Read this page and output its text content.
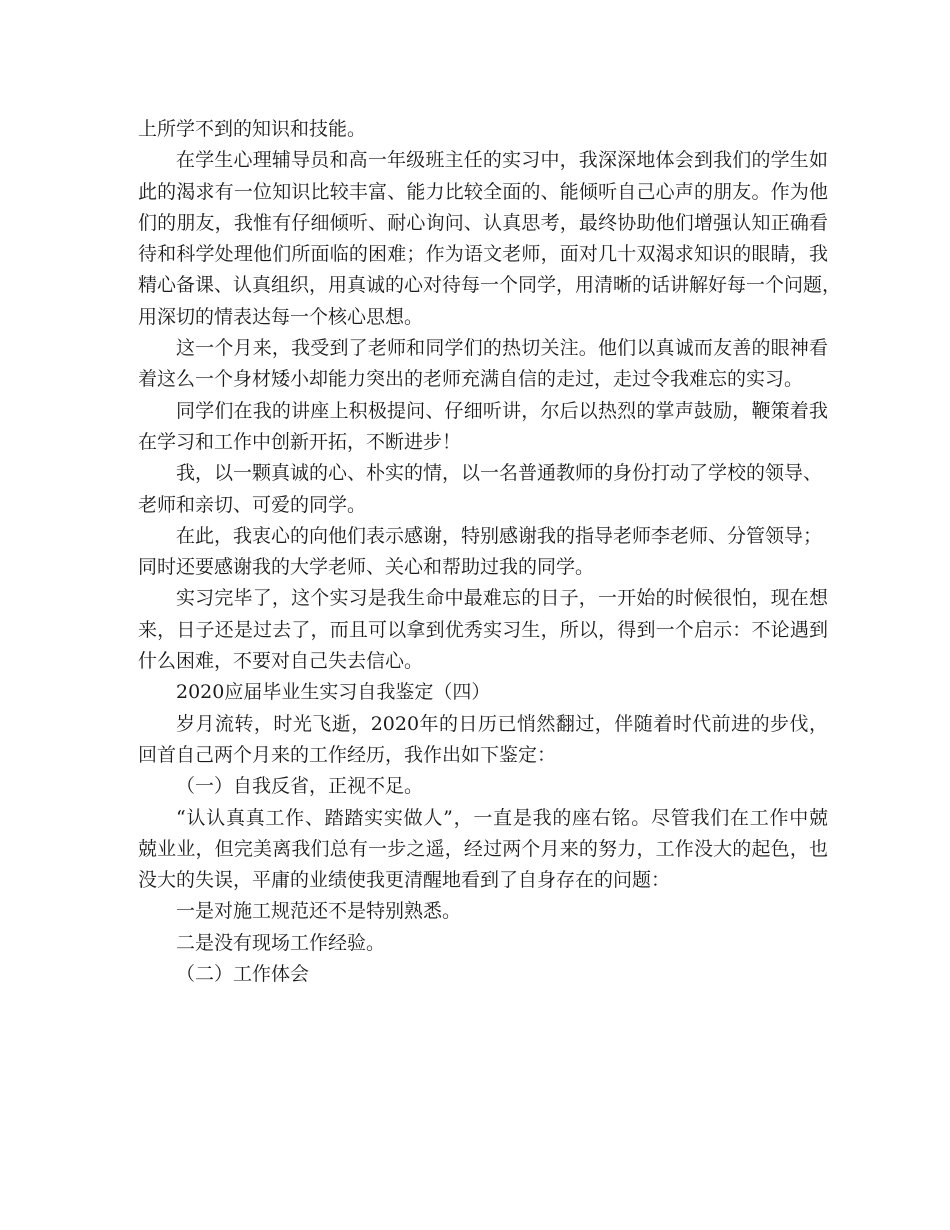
上所学不到的知识和技能。
在学生心理辅导员和高一年级班主任的实习中，我深深地体会到我们的学生如
此的渴求有一位知识比较丰富、能力比较全面的、能倾听自己心声的朋友。作为他
们的朋友，我惟有仔细倾听、耐心询问、认真思考，最终协助他们增强认知正确看
待和科学处理他们所面临的困难；作为语文老师，面对几十双渴求知识的眼睛，我
精心备课、认真组织，用真诚的心对待每一个同学，用清晰的话讲解好每一个问题，
用深切的情表达每一个核心思想。
这一个月来，我受到了老师和同学们的热切关注。他们以真诚而友善的眼神看
着这么一个身材矮小却能力突出的老师充满自信的走过，走过令我难忘的实习。
同学们在我的讲座上积极提问、仔细听讲，尔后以热烈的掌声鼓励，鞭策着我
在学习和工作中创新开拓，不断进步！
我，以一颗真诚的心、朴实的情，以一名普通教师的身份打动了学校的领导、
老师和亲切、可爱的同学。
在此，我衷心的向他们表示感谢，特别感谢我的指导老师李老师、分管领导；
同时还要感谢我的大学老师、关心和帮助过我的同学。
实习完毕了，这个实习是我生命中最难忘的日子，一开始的时候很怕，现在想
来，日子还是过去了，而且可以拿到优秀实习生，所以，得到一个启示：不论遇到
什么困难，不要对自己失去信心。
2020应届毕业生实习自我鉴定（四）
岁月流转，时光飞逝，2020年的日历已悄然翻过，伴随着时代前进的步伐，
回首自己两个月来的工作经历，我作出如下鉴定：
（一）自我反省，正视不足。
“认认真真工作、踏踏实实做人”，一直是我的座右铭。尽管我们在工作中兢
兢业业，但完美离我们总有一步之遥，经过两个月来的努力，工作没大的起色，也
没大的失误，平庸的业绩使我更清醒地看到了自身存在的问题：
一是对施工规范还不是特别熟悉。
二是没有现场工作经验。
（二）工作体会
